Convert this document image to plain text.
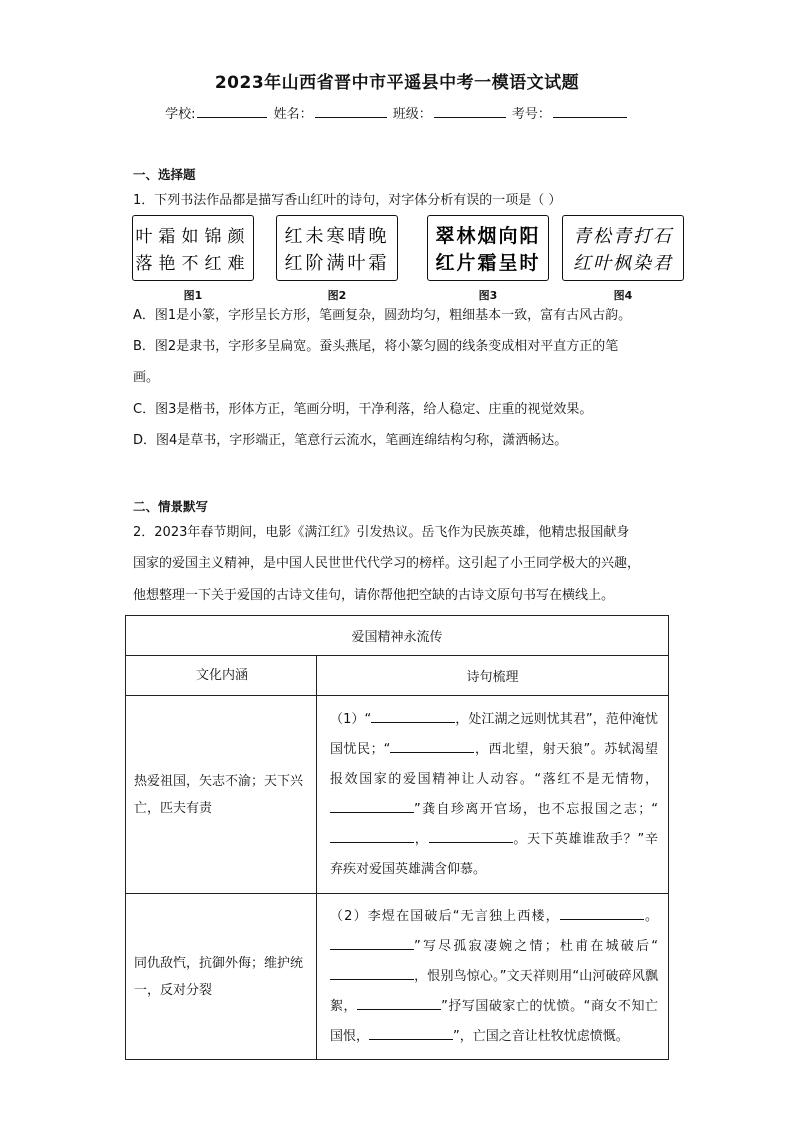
2023年山西省晋中市平遥县中考一模语文试题
学校:	姓名：	班级：	考号：
一、选择题
1．下列书法作品都是描写香山红叶的诗句，对字体分析有误的一项是（ ）
叶霜如锦颜
落艳不红难
图1
红未寒晴晚
红阶满叶霜
图2
翠林烟向阳
红片霜呈时
图3
青松青打石
红叶枫染君
图4
A．图1是小篆，字形呈长方形，笔画复杂，圆劲均匀，粗细基本一致，富有古风古韵。
B．图2是隶书，字形多呈扁宽。蚕头燕尾，将小篆匀圆的线条变成相对平直方正的笔
画。
C．图3是楷书，形体方正，笔画分明，干净利落，给人稳定、庄重的视觉效果。
D．图4是草书，字形端正，笔意行云流水，笔画连绵结构匀称，潇洒畅达。
二、情景默写
2．2023年春节期间，电影《满江红》引发热议。岳飞作为民族英雄，他精忠报国献身
国家的爱国主义精神，是中国人民世世代代学习的榜样。这引起了小王同学极大的兴趣，
他想整理一下关于爱国的古诗文佳句，请你帮他把空缺的古诗文原句书写在横线上。
爱国精神永流传	
文化内涵	诗句梳理
热爱祖国，矢志不渝；天下兴亡，匹夫有责	（1）“ ，处江湖之远则忧其君”，范仲淹忧国忧民；“ ，西北望，射天狼”。苏轼渴望报效国家的爱国精神让人动容。“落红不是无情物，”龚自珍离开官场，也不忘报国之志；“， 。天下英雄谁敌手？”辛弃疾对爱国英雄满含仰慕。
同仇敌忾，抗御外侮；维护统一，反对分裂	（2）李煜在国破后“无言独上西楼， 。”写尽孤寂凄婉之情；杜甫在城破后“，恨别鸟惊心。”文天祥则用“山河破碎风飘絮， ”抒写国破家亡的忧愤。“商女不知亡国恨， ”，亡国之音让杜牧忧虑愤慨。
